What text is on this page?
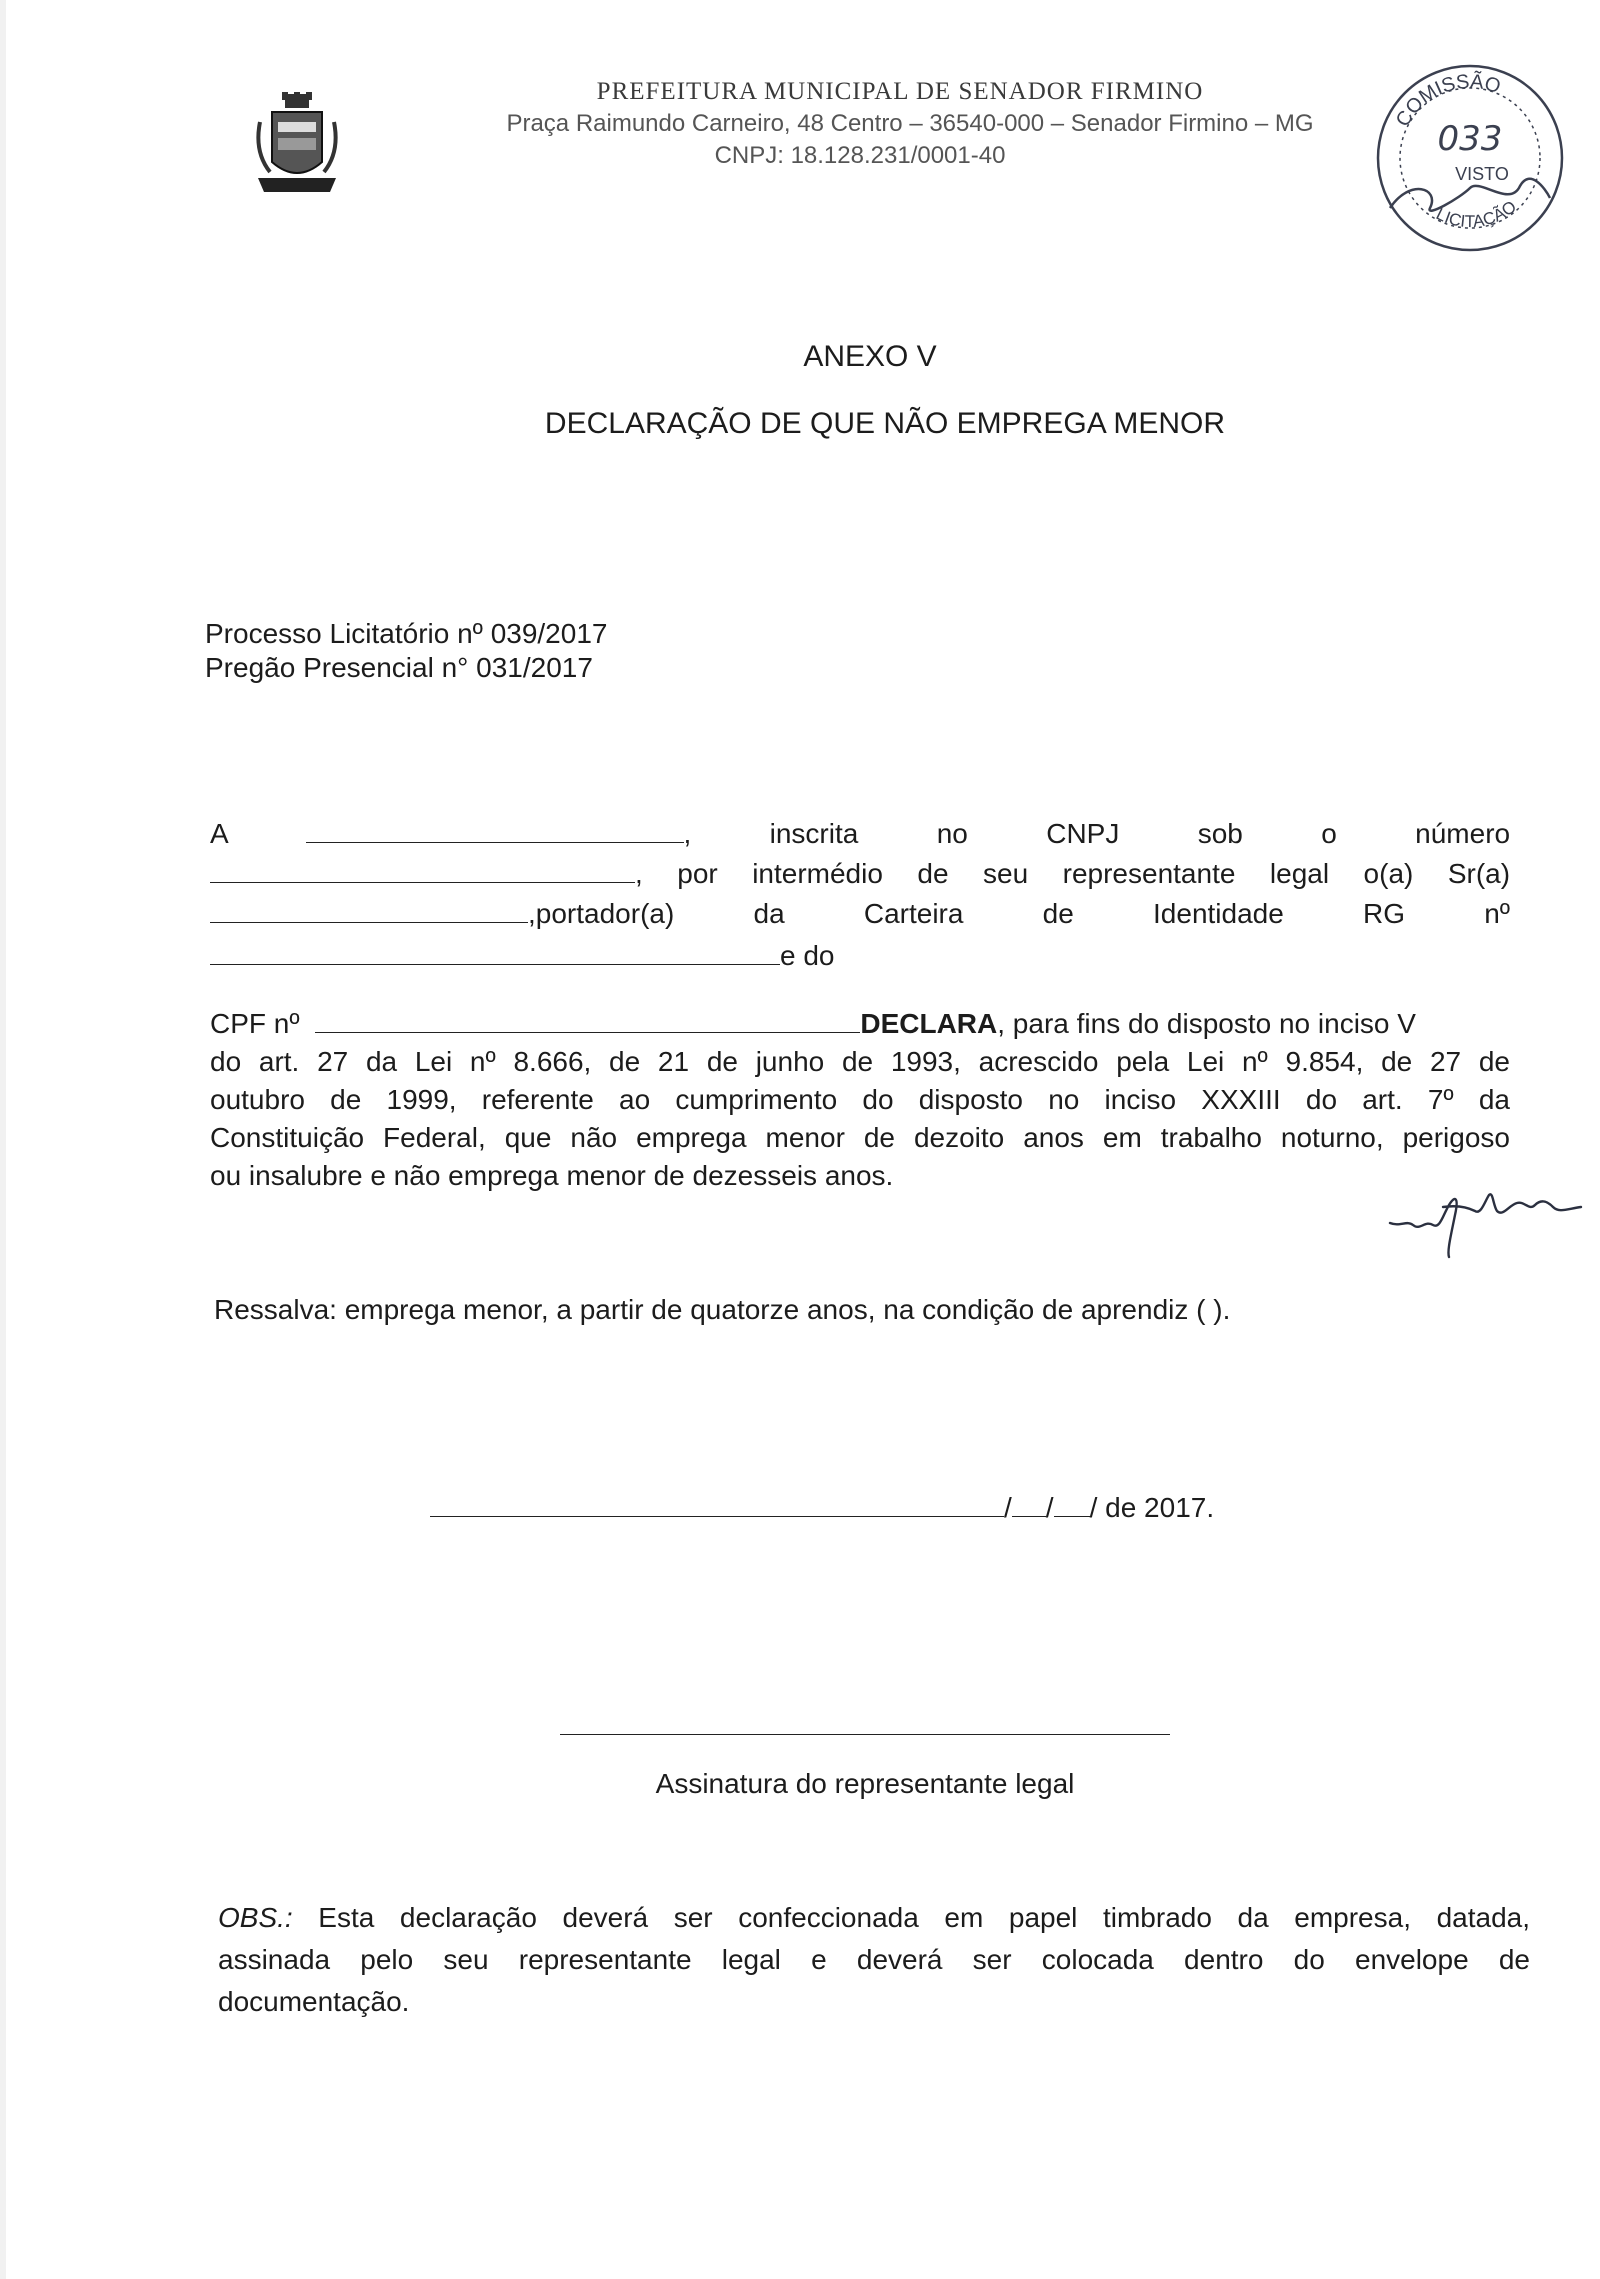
PREFEITURA MUNICIPAL DE SENADOR FIRMINO
Praça Raimundo Carneiro, 48 Centro – 36540-000 – Senador Firmino – MG
CNPJ: 18.128.231/0001-40
COMISSÃO
033
VISTO
LICITAÇÃO
ANEXO V
DECLARAÇÃO DE QUE NÃO EMPREGA MENOR
Processo Licitatório nº 039/2017
Pregão Presencial n° 031/2017
A	,	inscrita	no	CNPJ	sob	o	número
, por intermédio de seu representante legal o(a) Sr(a)
,portador(a)	da	Carteira	de	Identidade	RG	nº
e do
CPF nº	DECLARA, para fins do disposto no inciso V
do art. 27 da Lei nº 8.666, de 21 de junho de 1993, acrescido pela Lei nº 9.854, de 27 de
outubro de 1999, referente ao cumprimento do disposto no inciso XXXIII do art. 7º da
Constituição Federal, que não emprega menor de dezoito anos em trabalho noturno, perigoso
ou insalubre e não emprega menor de dezesseis anos.
Ressalva: emprega menor, a partir de quatorze anos, na condição de aprendiz ( ).
/ / / de 2017.
Assinatura do representante legal
OBS.: Esta declaração deverá ser confeccionada em papel timbrado da empresa, datada,
assinada pelo seu representante legal e deverá ser colocada dentro do envelope de
documentação.
